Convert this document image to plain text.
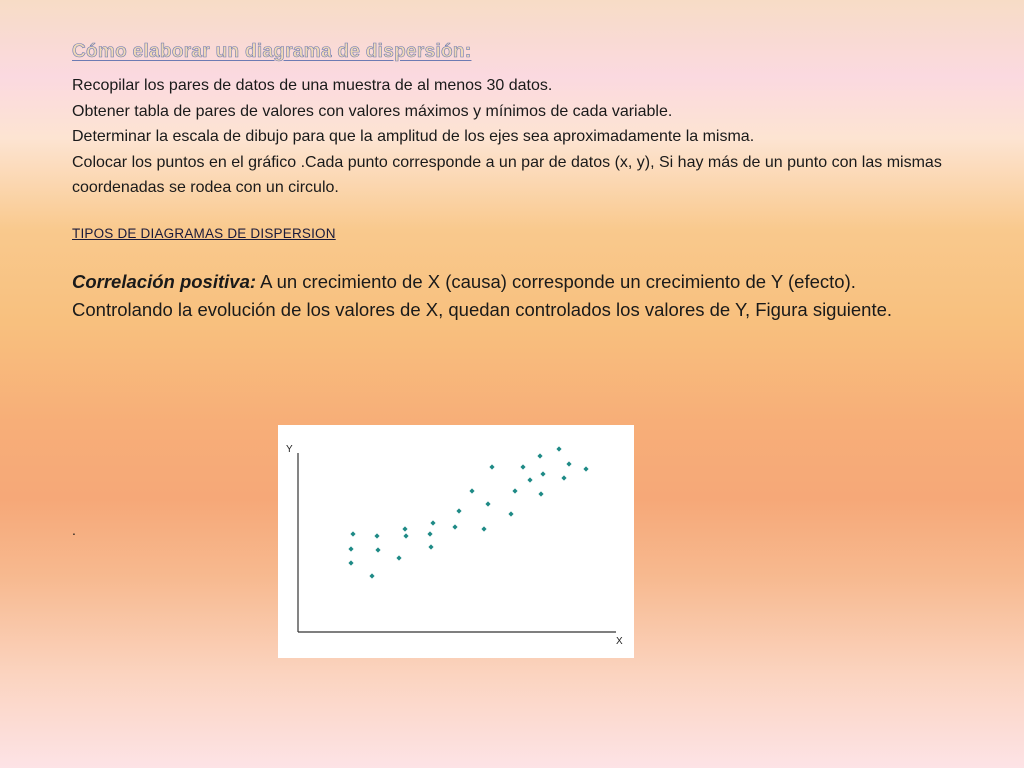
Cómo elaborar un diagrama de dispersión:
Recopilar los pares de datos de una muestra de al menos 30 datos.
Obtener tabla de pares de valores con valores máximos y mínimos de cada variable.
Determinar la escala de dibujo para que la amplitud de los ejes sea aproximadamente la misma.
Colocar los puntos en el gráfico .Cada punto corresponde a un par de datos (x, y), Si hay más de un punto con las mismas coordenadas se rodea con un circulo.
TIPOS DE DIAGRAMAS DE DISPERSION

Correlación positiva: A un crecimiento de X (causa) corresponde un crecimiento de Y (efecto). Controlando la evolución de los valores de X, quedan controlados los valores de Y, Figura siguiente.

.
Y
X
